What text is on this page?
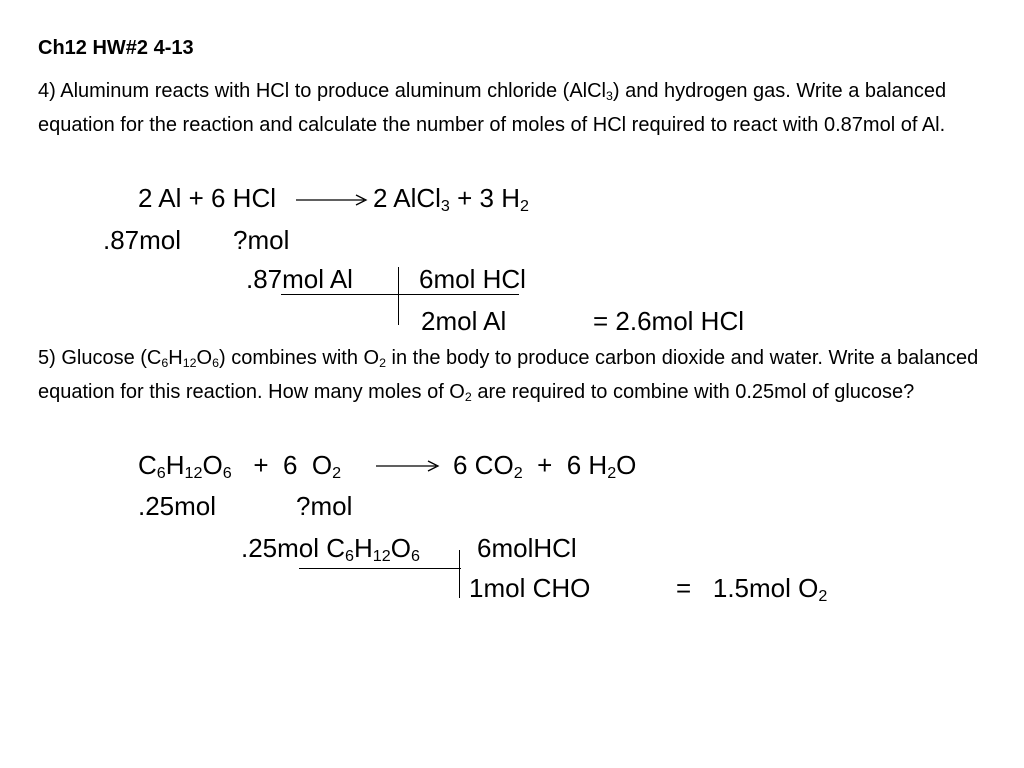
Ch12 HW#2 4-13
4) Aluminum reacts with HCl to produce aluminum chloride (AlCl$_3$) and hydrogen gas. Write a balanced equation for the reaction and calculate the number of moles of HCl required to react with 0.87mol of Al.
2 Al + 6 HCl	2 AlCl$_3$ + 3 $H_2$
.87mol ?mol
.87mol Al	6mol HCl
2mol Al	= 2.6mol HCl
5) Glucose $(C_6H_{12}O_6)$ combines with $O_2$ in the body to produce carbon dioxide and water. Write a balanced equation for this reaction. How many moles of $O_2$ are required to combine with 0.25mol of glucose?
$C_6H_{12}O_6 + 6$  $O_2$	6 $CO_2 + 6$ $H_2O$
.25mol	?mol
.25mol $C_6H_{12}O_6$ 6molHCl
1mol CHO	=   1.5mol $O_2$
